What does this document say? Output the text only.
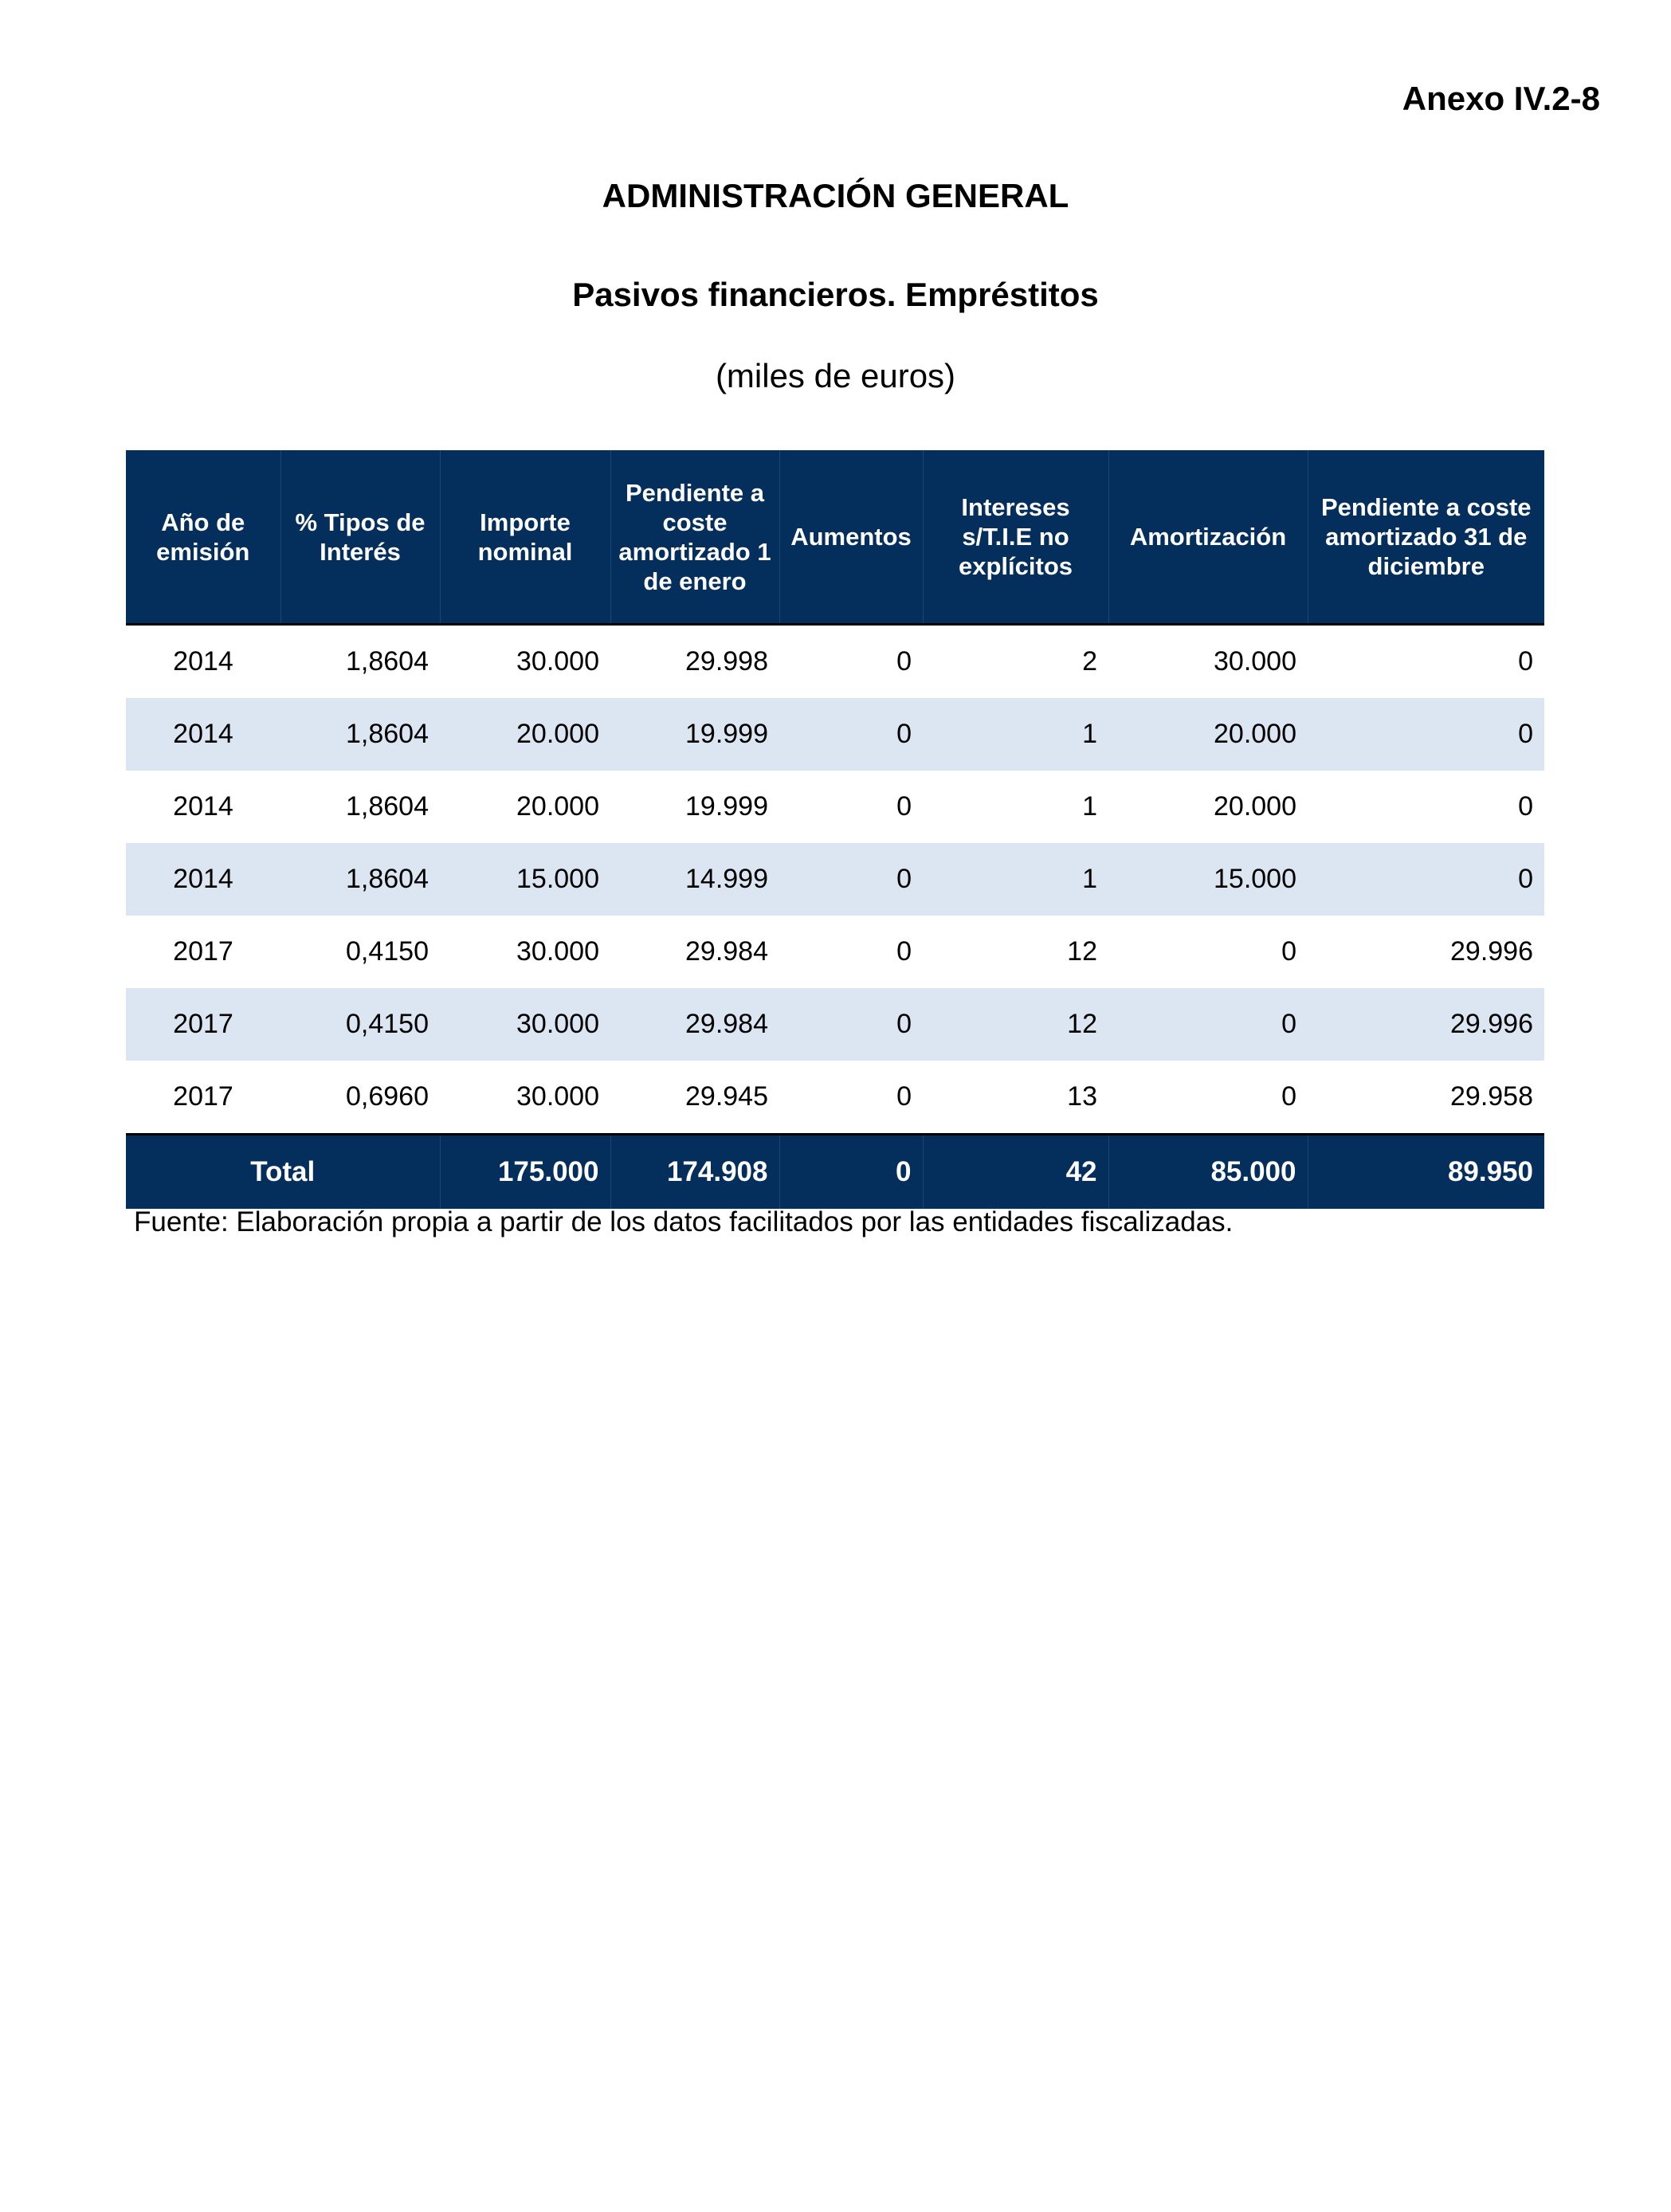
Anexo IV.2-8
ADMINISTRACIÓN GENERAL
Pasivos financieros. Empréstitos
(miles de euros)
Año de emisión	% Tipos de Interés	Importe nominal	Pendiente a coste amortizado 1 de enero	Aumentos	Intereses s/T.I.E no explícitos	Amortización	Pendiente a coste amortizado 31 de diciembre
2014	1,8604	30.000	29.998	0	2	30.000	0
2014	1,8604	20.000	19.999	0	1	20.000	0
2014	1,8604	20.000	19.999	0	1	20.000	0
2014	1,8604	15.000	14.999	0	1	15.000	0
2017	0,4150	30.000	29.984	0	12	0	29.996
2017	0,4150	30.000	29.984	0	12	0	29.996
2017	0,6960	30.000	29.945	0	13	0	29.958
Total		175.000	174.908	0	42	85.000	89.950
Fuente: Elaboración propia a partir de los datos facilitados por las entidades fiscalizadas.
